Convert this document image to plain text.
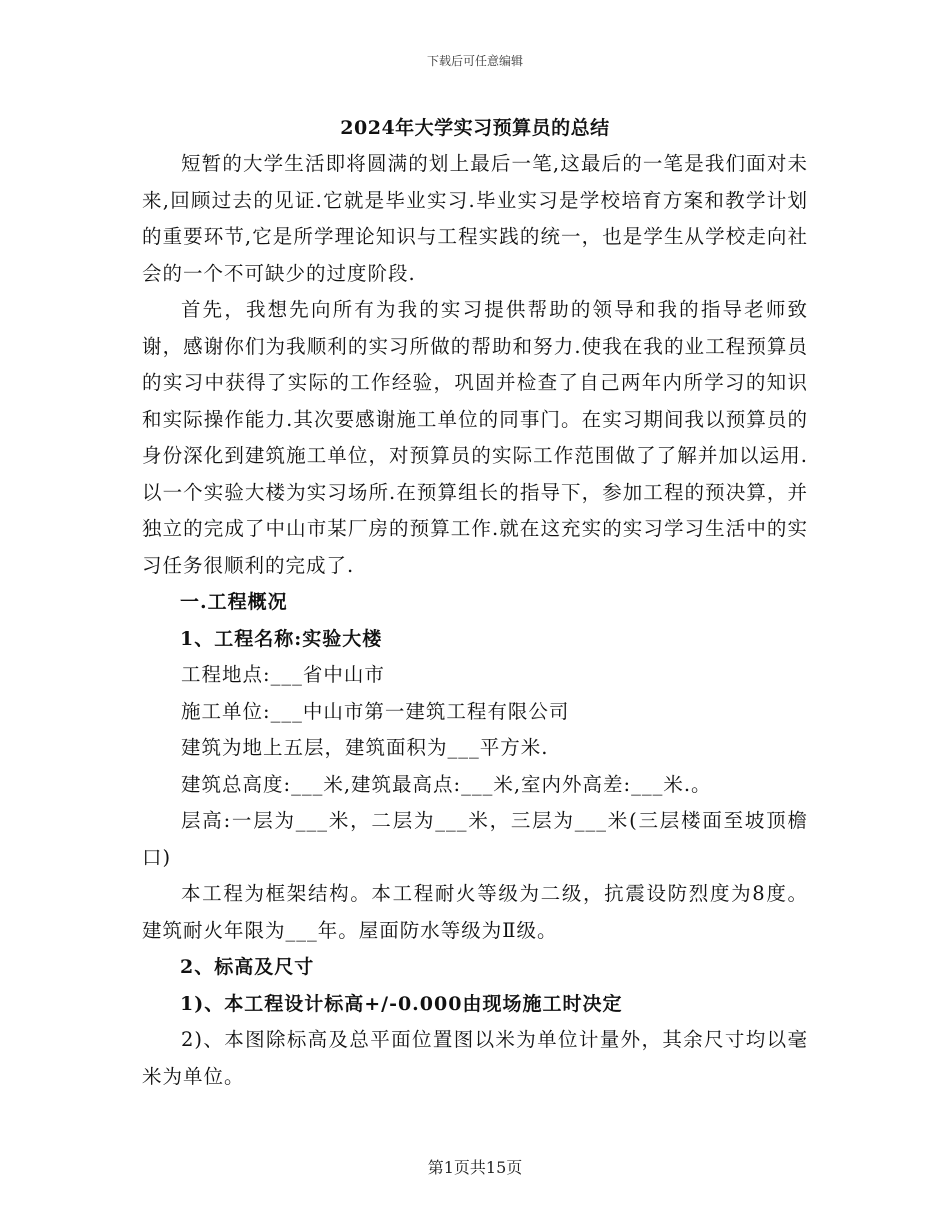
下载后可任意编辑
2024年大学实习预算员的总结

短暂的大学生活即将圆满的划上最后一笔,这最后的一笔是我们面对未来,回顾过去的见证.它就是毕业实习.毕业实习是学校培育方案和教学计划的重要环节,它是所学理论知识与工程实践的统一，也是学生从学校走向社会的一个不可缺少的过度阶段.

首先，我想先向所有为我的实习提供帮助的领导和我的指导老师致谢，感谢你们为我顺利的实习所做的帮助和努力.使我在我的业工程预算员的实习中获得了实际的工作经验，巩固并检查了自己两年内所学习的知识和实际操作能力.其次要感谢施工单位的同事门。在实习期间我以预算员的身份深化到建筑施工单位，对预算员的实际工作范围做了了解并加以运用.以一个实验大楼为实习场所.在预算组长的指导下，参加工程的预决算，并独立的完成了中山市某厂房的预算工作.就在这充实的实习学习生活中的实习任务很顺利的完成了.

一.工程概况

1、工程名称:实验大楼

工程地点:___省中山市

施工单位:___中山市第一建筑工程有限公司

建筑为地上五层，建筑面积为___平方米.

建筑总高度:___米,建筑最高点:___米,室内外高差:___米.。

层高:一层为___米，二层为___米，三层为___米(三层楼面至坡顶檐口)

本工程为框架结构。本工程耐火等级为二级，抗震设防烈度为8度。建筑耐火年限为___年。屋面防水等级为Ⅱ级。

2、标高及尺寸

1)、本工程设计标高+/-0.000由现场施工时决定

2)、本图除标高及总平面位置图以米为单位计量外，其余尺寸均以毫米为单位。

第1页共15页
